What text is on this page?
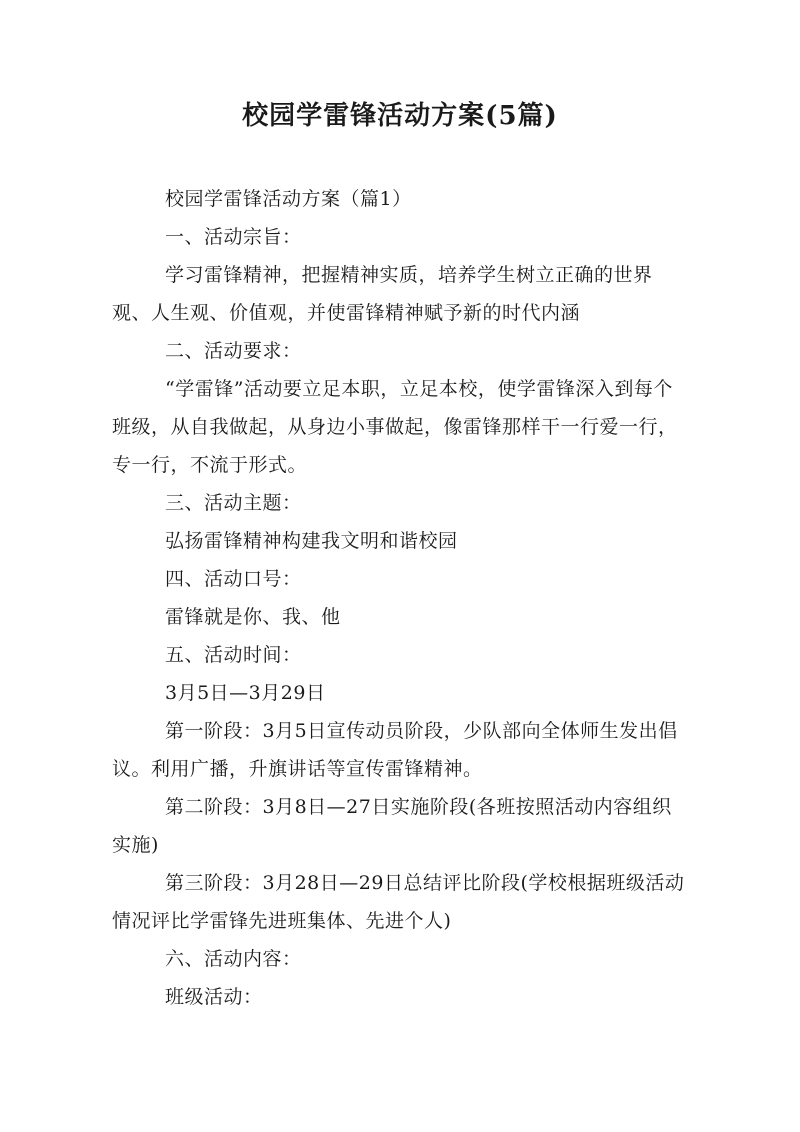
校园学雷锋活动方案(5篇)

校园学雷锋活动方案（篇1）

一、活动宗旨：

学习雷锋精神，把握精神实质，培养学生树立正确的世界观、人生观、价值观，并使雷锋精神赋予新的时代内涵

二、活动要求：

“学雷锋”活动要立足本职，立足本校，使学雷锋深入到每个班级，从自我做起，从身边小事做起，像雷锋那样干一行爱一行，专一行，不流于形式。

三、活动主题：

弘扬雷锋精神构建我文明和谐校园

四、活动口号：

雷锋就是你、我、他

五、活动时间：

3月5日—3月29日

第一阶段：3月5日宣传动员阶段，少队部向全体师生发出倡议。利用广播，升旗讲话等宣传雷锋精神。

第二阶段：3月8日—27日实施阶段(各班按照活动内容组织实施)

第三阶段：3月28日—29日总结评比阶段(学校根据班级活动情况评比学雷锋先进班集体、先进个人)

六、活动内容：

班级活动：
